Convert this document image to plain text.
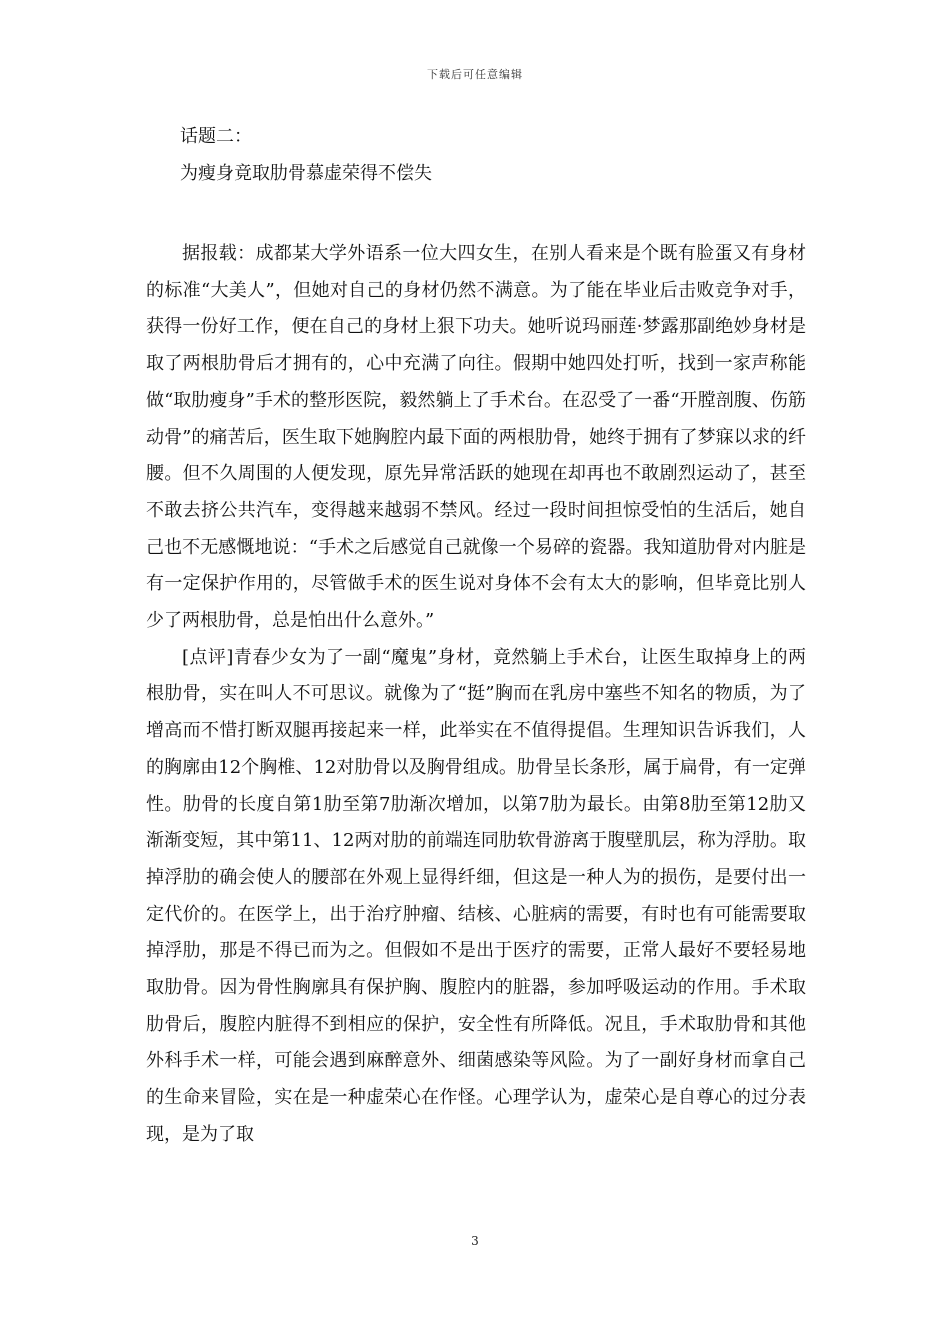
下载后可任意编辑
话题二：
为瘦身竟取肋骨慕虚荣得不偿失

据报载：成都某大学外语系一位大四女生，在别人看来是个既有脸蛋又有身材的标准“大美人”，但她对自己的身材仍然不满意。为了能在毕业后击败竞争对手，获得一份好工作，便在自己的身材上狠下功夫。她听说玛丽莲·梦露那副绝妙身材是取了两根肋骨后才拥有的，心中充满了向往。假期中她四处打听，找到一家声称能做“取肋瘦身”手术的整形医院，毅然躺上了手术台。在忍受了一番“开膛剖腹、伤筋动骨”的痛苦后，医生取下她胸腔内最下面的两根肋骨，她终于拥有了梦寐以求的纤腰。但不久周围的人便发现，原先异常活跃的她现在却再也不敢剧烈运动了，甚至不敢去挤公共汽车，变得越来越弱不禁风。经过一段时间担惊受怕的生活后，她自己也不无感慨地说：“手术之后感觉自己就像一个易碎的瓷器。我知道肋骨对内脏是有一定保护作用的，尽管做手术的医生说对身体不会有太大的影响，但毕竟比别人少了两根肋骨，总是怕出什么意外。”

[点评]青春少女为了一副“魔鬼”身材，竟然躺上手术台，让医生取掉身上的两根肋骨，实在叫人不可思议。就像为了“挺”胸而在乳房中塞些不知名的物质，为了增高而不惜打断双腿再接起来一样，此举实在不值得提倡。生理知识告诉我们，人的胸廓由12个胸椎、12对肋骨以及胸骨组成。肋骨呈长条形，属于扁骨，有一定弹性。肋骨的长度自第1肋至第7肋渐次增加，以第7肋为最长。由第8肋至第12肋又渐渐变短，其中第11、12两对肋的前端连同肋软骨游离于腹壁肌层，称为浮肋。取掉浮肋的确会使人的腰部在外观上显得纤细，但这是一种人为的损伤，是要付出一定代价的。在医学上，出于治疗肿瘤、结核、心脏病的需要，有时也有可能需要取掉浮肋，那是不得已而为之。但假如不是出于医疗的需要，正常人最好不要轻易地取肋骨。因为骨性胸廓具有保护胸、腹腔内的脏器，参加呼吸运动的作用。手术取肋骨后，腹腔内脏得不到相应的保护，安全性有所降低。况且，手术取肋骨和其他外科手术一样，可能会遇到麻醉意外、细菌感染等风险。为了一副好身材而拿自己的生命来冒险，实在是一种虚荣心在作怪。心理学认为，虚荣心是自尊心的过分表现，是为了取

3
